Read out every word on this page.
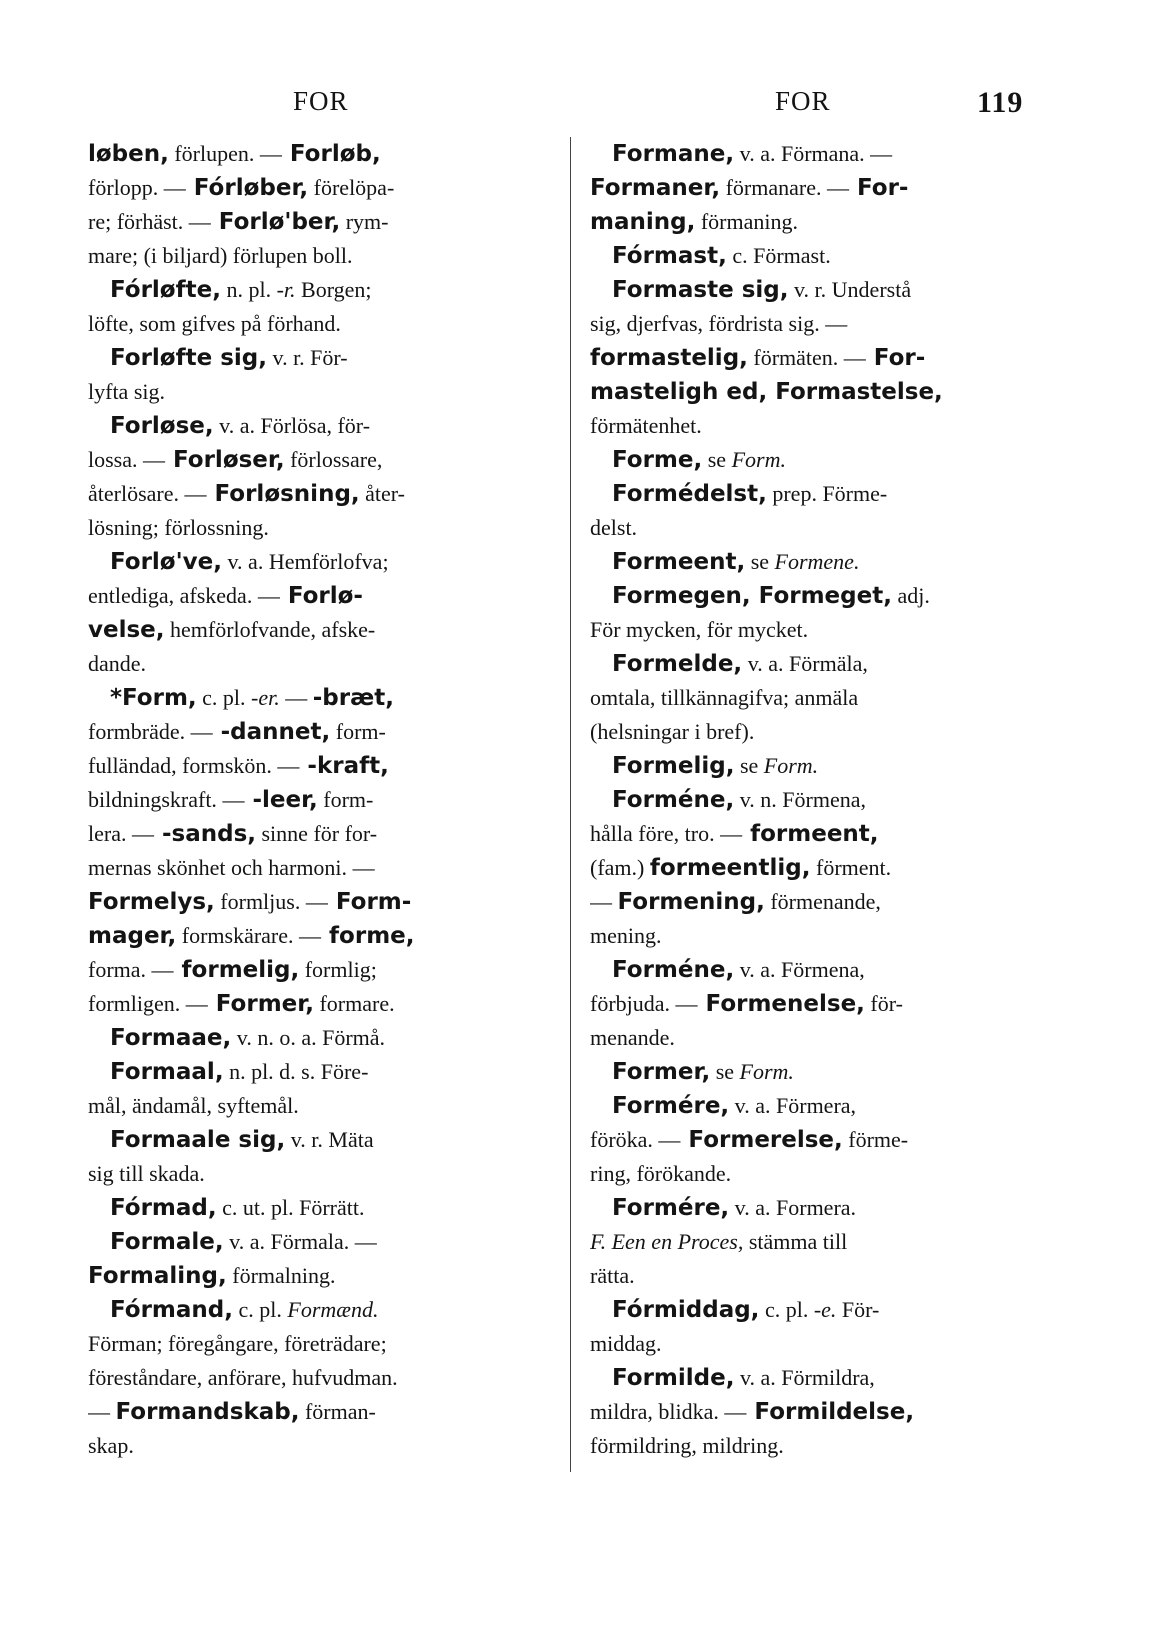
FOR	FOR	119
løben, förlupen. — Forløb,
förlopp. — Fórløber, förelöpa-
re; förhäst. — Forlø'ber, rym-
mare; (i biljard) förlupen boll.
Fórløfte, n. pl. -r. Borgen;
löfte, som gifves på förhand.
Forløfte sig, v. r. För-
lyfta sig.
Forløse, v. a. Förlösa, för-
lossa. — Forløser, förlossare,
återlösare. — Forløsning, åter-
lösning; förlossning.
Forlø've, v. a. Hemförlofva;
entlediga, afskeda. — Forlø-
velse, hemförlofvande, afske-
dande.
*Form, c. pl. -er. — -bræt,
formbräde. — -dannet, form-
fulländad, formskön. — -kraft,
bildningskraft. — -leer, form-
lera. — -sands, sinne för for-
mernas skönhet och harmoni. —
Formelys, formljus. — Form-
mager, formskärare. — forme,
forma. — formelig, formlig;
formligen. — Former, formare.
Formaae, v. n. o. a. Förmå.
Formaal, n. pl. d. s. Före-
mål, ändamål, syftemål.
Formaale sig, v. r. Mäta
sig till skada.
Fórmad, c. ut. pl. Förrätt.
Formale, v. a. Förmala. —
Formaling, förmalning.
Fórmand, c. pl. Formænd.
Förman; föregångare, företrädare;
föreståndare, anförare, hufvudman.
— Formandskab, förman-
skap.
Formane, v. a. Förmana. —
Formaner, förmanare. — For-
maning, förmaning.
Fórmast, c. Förmast.
Formaste sig, v. r. Understå
sig, djerfvas, fördrista sig. —
formastelig, förmäten. — For-
masteligh ed, Formastelse,
förmätenhet.
Forme, se Form.
Formédelst, prep. Förme-
delst.
Formeent, se Formene.
Formegen, Formeget, adj.
För mycken, för mycket.
Formelde, v. a. Förmäla,
omtala, tillkännagifva; anmäla
(helsningar i bref).
Formelig, se Form.
Forméne, v. n. Förmena,
hålla före, tro. — formeent,
(fam.) formeentlig, förment.
— Formening, förmenande,
mening.
Forméne, v. a. Förmena,
förbjuda. — Formenelse, för-
menande.
Former, se Form.
Formére, v. a. Förmera,
föröka. — Formerelse, förme-
ring, förökande.
Formére, v. a. Formera.
F. Een en Proces, stämma till
rätta.
Fórmiddag, c. pl. -e. För-
middag.
Formilde, v. a. Förmildra,
mildra, blidka. — Formildelse,
förmildring, mildring.
